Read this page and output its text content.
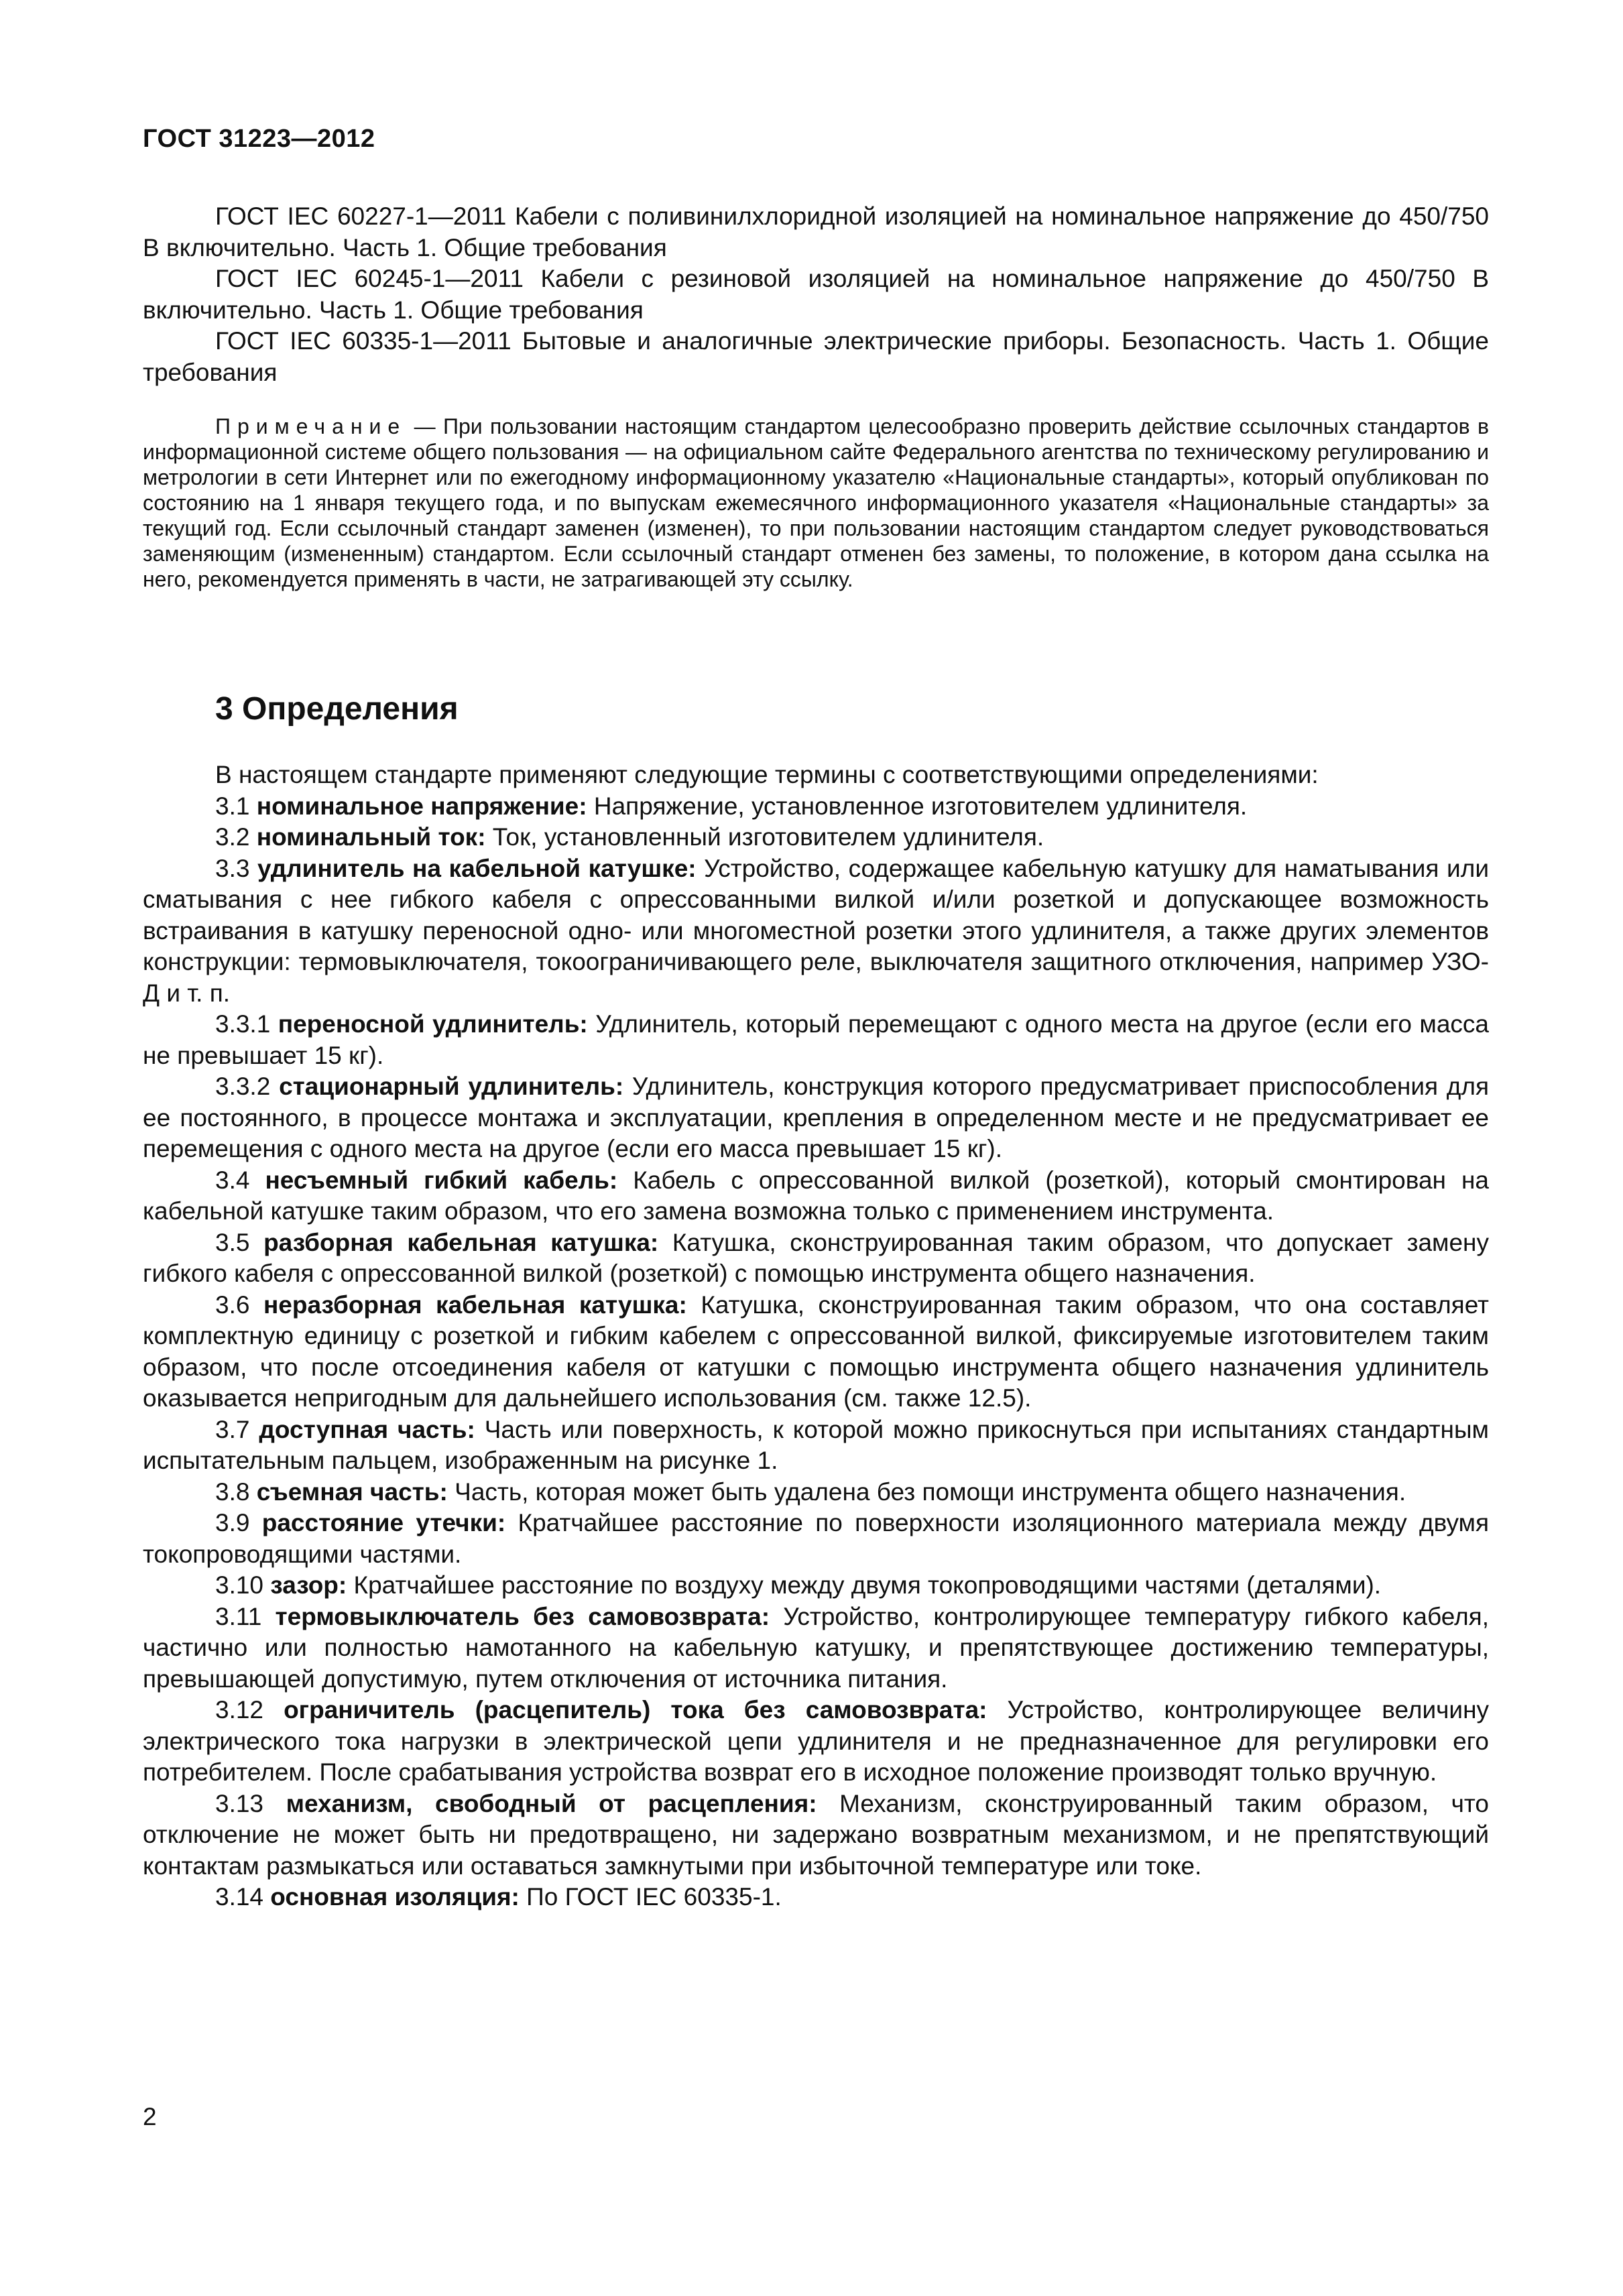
ГОСТ 31223—2012

ГОСТ IEC 60227-1—2011 Кабели с поливинилхлоридной изоляцией на номинальное напряжение до 450/750 В включительно. Часть 1. Общие требования

ГОСТ IEC 60245-1—2011 Кабели с резиновой изоляцией на номинальное напряжение до 450/750 В включительно. Часть 1. Общие требования

ГОСТ IEC 60335-1—2011 Бытовые и аналогичные электрические приборы. Безопасность. Часть 1. Общие требования

Примечание — При пользовании настоящим стандартом целесообразно проверить действие ссылочных стандартов в информационной системе общего пользования — на официальном сайте Федерального агентства по техническому регулированию и метрологии в сети Интернет или по ежегодному информационному указателю «Национальные стандарты», который опубликован по состоянию на 1 января текущего года, и по выпускам ежемесячного информационного указателя «Национальные стандарты» за текущий год. Если ссылочный стандарт заменен (изменен), то при пользовании настоящим стандартом следует руководствоваться заменяющим (измененным) стандартом. Если ссылочный стандарт отменен без замены, то положение, в котором дана ссылка на него, рекомендуется применять в части, не затрагивающей эту ссылку.

3 Определения

В настоящем стандарте применяют следующие термины с соответствующими определениями:

3.1 номинальное напряжение: Напряжение, установленное изготовителем удлинителя.

3.2 номинальный ток: Ток, установленный изготовителем удлинителя.

3.3 удлинитель на кабельной катушке: Устройство, содержащее кабельную катушку для наматывания или сматывания с нее гибкого кабеля с опрессованными вилкой и/или розеткой и допускающее возможность встраивания в катушку переносной одно- или многоместной розетки этого удлинителя, а также других элементов конструкции: термовыключателя, токоограничивающего реле, выключателя защитного отключения, например УЗО-Д и т. п.

3.3.1 переносной удлинитель: Удлинитель, который перемещают с одного места на другое (если его масса не превышает 15 кг).

3.3.2 стационарный удлинитель: Удлинитель, конструкция которого предусматривает приспособления для ее постоянного, в процессе монтажа и эксплуатации, крепления в определенном месте и не предусматривает ее перемещения с одного места на другое (если его масса превышает 15 кг).

3.4 несъемный гибкий кабель: Кабель с опрессованной вилкой (розеткой), который смонтирован на кабельной катушке таким образом, что его замена возможна только с применением инструмента.

3.5 разборная кабельная катушка: Катушка, сконструированная таким образом, что допускает замену гибкого кабеля с опрессованной вилкой (розеткой) с помощью инструмента общего назначения.

3.6 неразборная кабельная катушка: Катушка, сконструированная таким образом, что она составляет комплектную единицу с розеткой и гибким кабелем с опрессованной вилкой, фиксируемые изготовителем таким образом, что после отсоединения кабеля от катушки с помощью инструмента общего назначения удлинитель оказывается непригодным для дальнейшего использования (см. также 12.5).

3.7 доступная часть: Часть или поверхность, к которой можно прикоснуться при испытаниях стандартным испытательным пальцем, изображенным на рисунке 1.

3.8 съемная часть: Часть, которая может быть удалена без помощи инструмента общего назначения.

3.9 расстояние утечки: Кратчайшее расстояние по поверхности изоляционного материала между двумя токопроводящими частями.

3.10 зазор: Кратчайшее расстояние по воздуху между двумя токопроводящими частями (деталями).

3.11 термовыключатель без самовозврата: Устройство, контролирующее температуру гибкого кабеля, частично или полностью намотанного на кабельную катушку, и препятствующее достижению температуры, превышающей допустимую, путем отключения от источника питания.

3.12 ограничитель (расцепитель) тока без самовозврата: Устройство, контролирующее величину электрического тока нагрузки в электрической цепи удлинителя и не предназначенное для регулировки его потребителем. После срабатывания устройства возврат его в исходное положение производят только вручную.

3.13 механизм, свободный от расцепления: Механизм, сконструированный таким образом, что отключение не может быть ни предотвращено, ни задержано возвратным механизмом, и не препятствующий контактам размыкаться или оставаться замкнутыми при избыточной температуре или токе.

3.14 основная изоляция: По ГОСТ IEC 60335-1.

2
